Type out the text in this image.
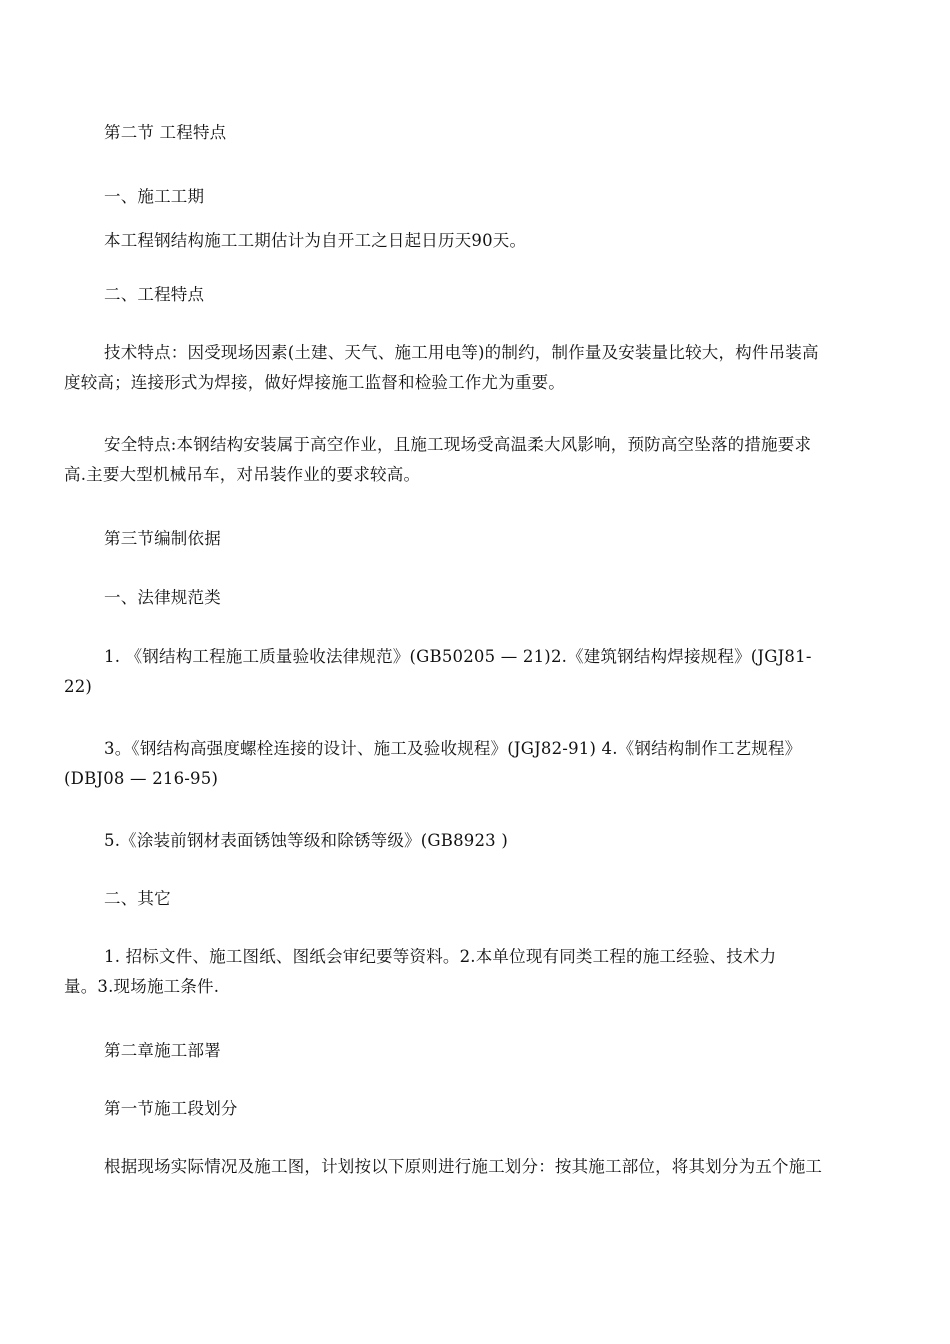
第二节 工程特点

一、施工工期

本工程钢结构施工工期估计为自开工之日起日历天90天。

二、工程特点

技术特点：因受现场因素(土建、天气、施工用电等)的制约，制作量及安装量比较大，构件吊装高
度较高；连接形式为焊接，做好焊接施工监督和检验工作尤为重要。
安全特点:本钢结构安装属于高空作业，且施工现场受高温柔大风影响，预防高空坠落的措施要求
高.主要大型机械吊车，对吊装作业的要求较高。

第三节编制依据

一、法律规范类

1. 《钢结构工程施工质量验收法律规范》(GB50205 — 21)2.《建筑钢结构焊接规程》(JGJ81-
22)
3。《钢结构高强度螺栓连接的设计、施工及验收规程》(JGJ82-91) 4.《钢结构制作工艺规程》
(DBJ08 — 216-95)

5.《涂装前钢材表面锈蚀等级和除锈等级》(GB8923 )

二、其它

1. 招标文件、施工图纸、图纸会审纪要等资料。2.本单位现有同类工程的施工经验、技术力
量。3.现场施工条件.

第二章施工部署

第一节施工段划分

根据现场实际情况及施工图，计划按以下原则进行施工划分：按其施工部位，将其划分为五个施工
